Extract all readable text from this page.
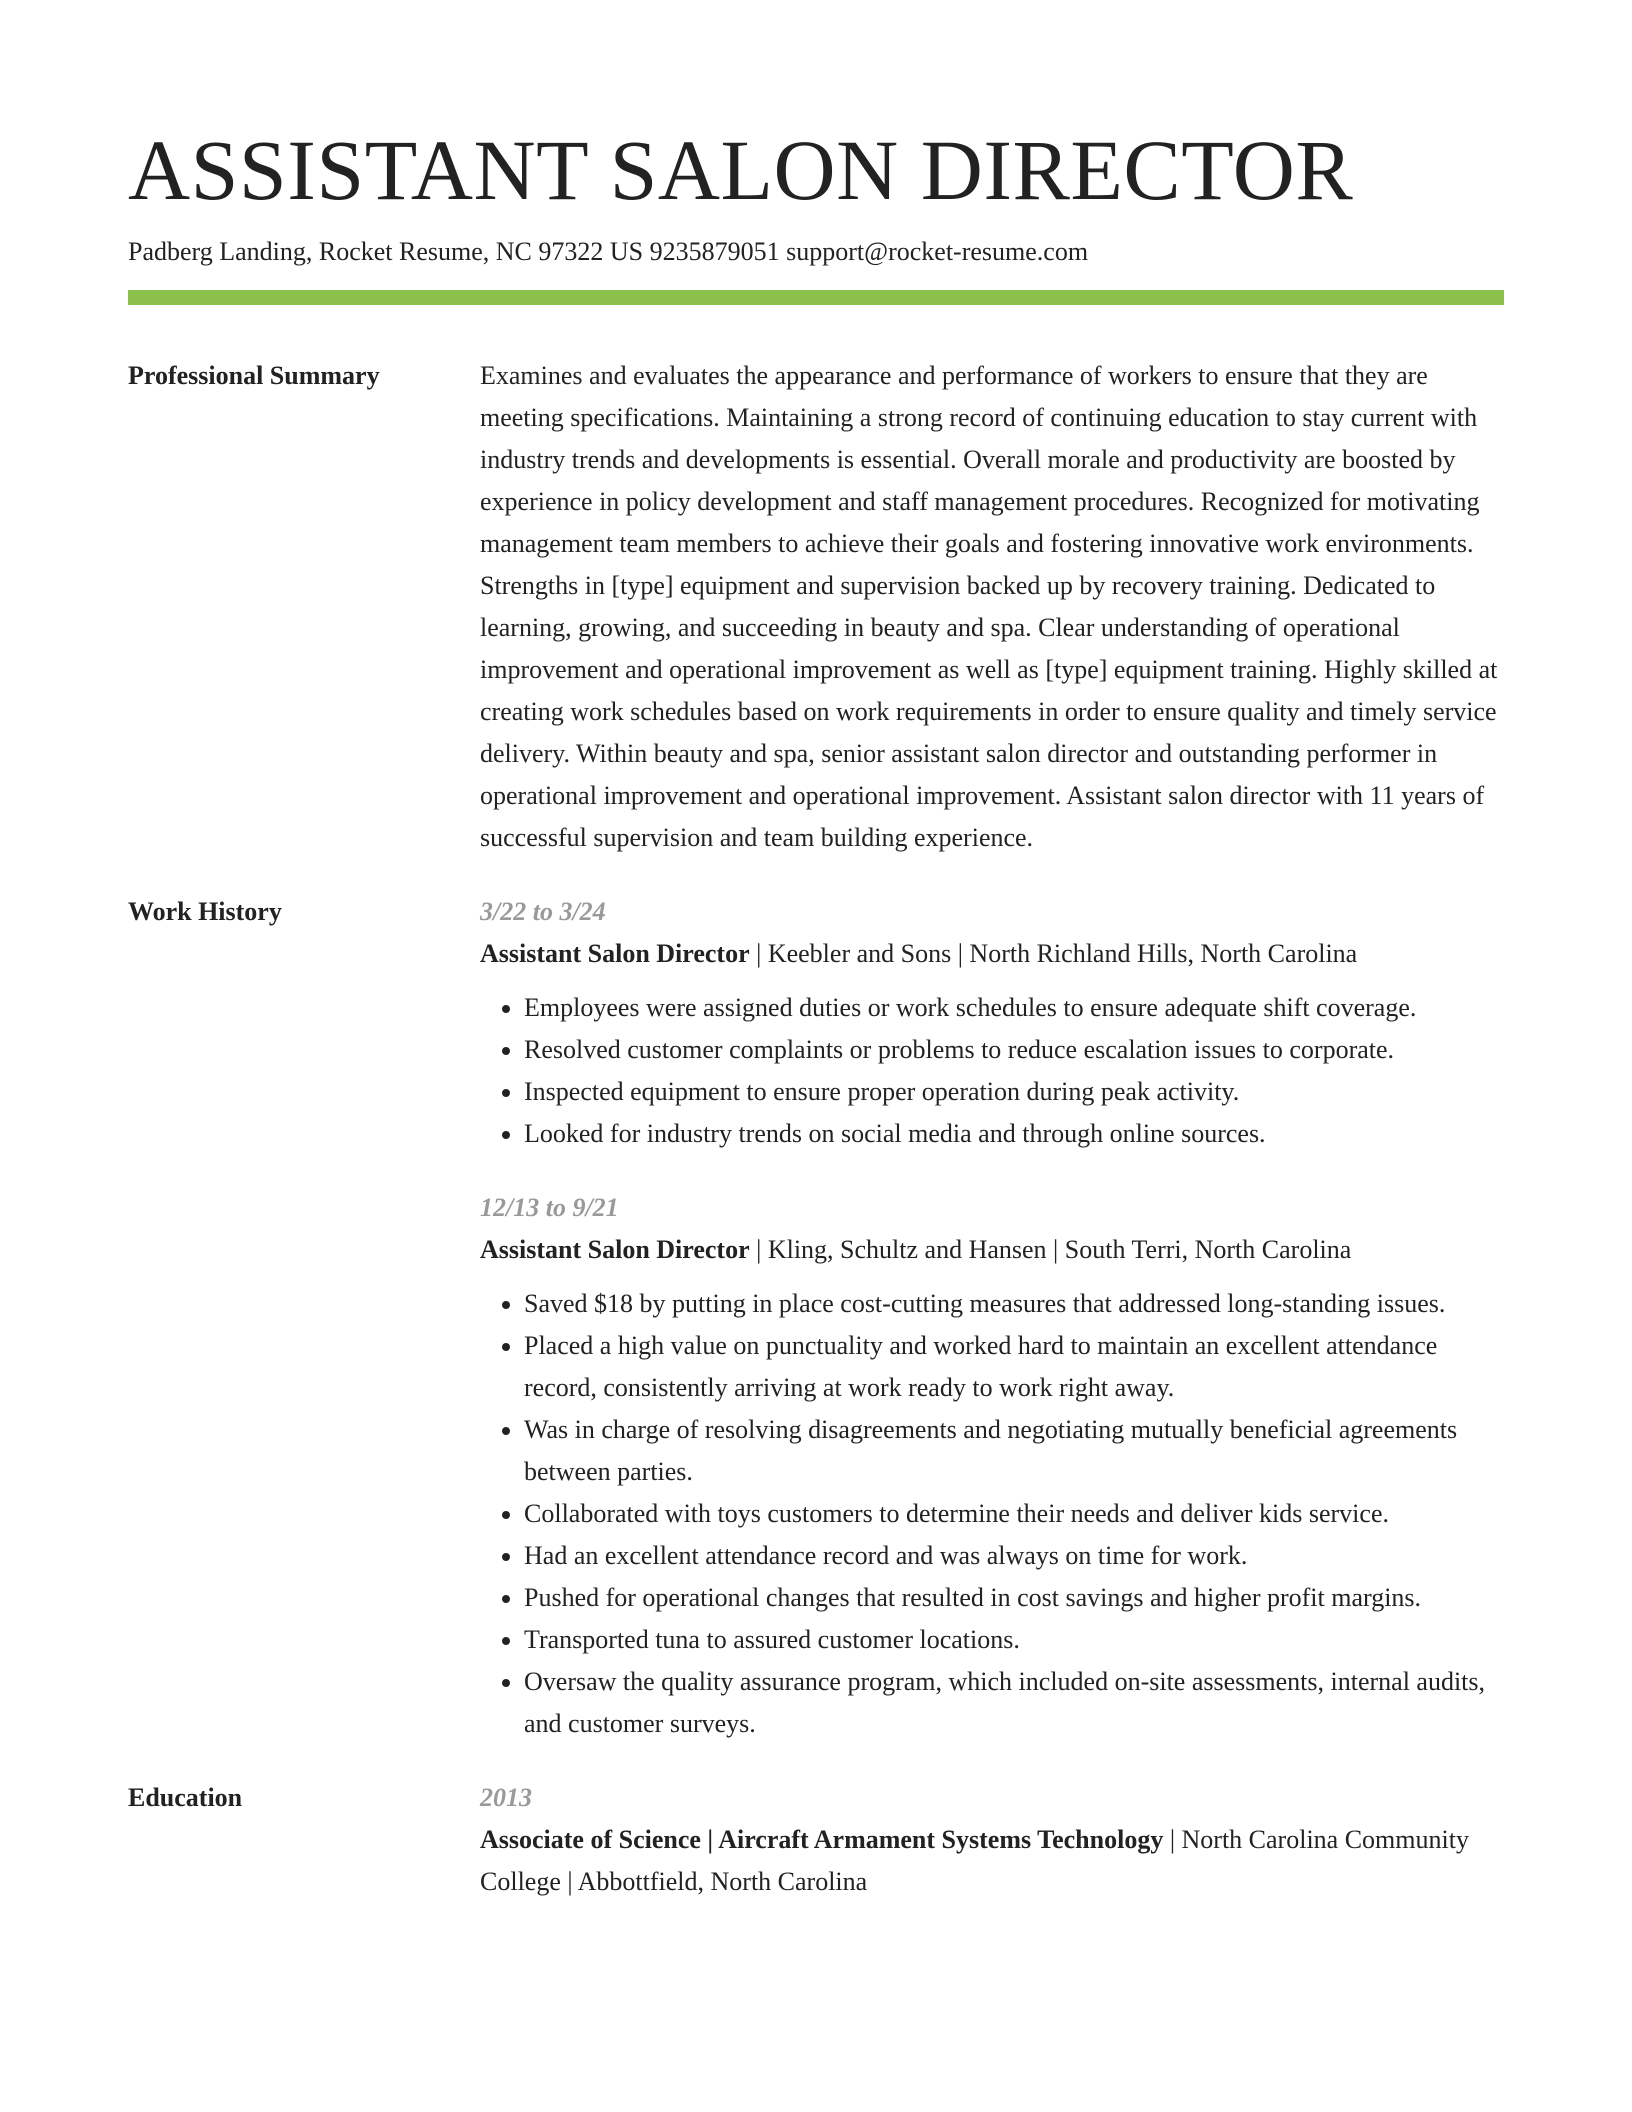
ASSISTANT SALON DIRECTOR
Padberg Landing, Rocket Resume, NC 97322 US 9235879051 support@rocket-resume.com
Professional Summary	Examines and evaluates the appearance and performance of workers to ensure that they are meeting specifications. Maintaining a strong record of continuing education to stay current with industry trends and developments is essential. Overall morale and productivity are boosted by experience in policy development and staff management procedures. Recognized for motivating management team members to achieve their goals and fostering innovative work environments. Strengths in [type] equipment and supervision backed up by recovery training. Dedicated to learning, growing, and succeeding in beauty and spa. Clear understanding of operational improvement and operational improvement as well as [type] equipment training. Highly skilled at creating work schedules based on work requirements in order to ensure quality and timely service delivery. Within beauty and spa, senior assistant salon director and outstanding performer in operational improvement and operational improvement. Assistant salon director with 11 years of successful supervision and team building experience.

Work History	3/22 to 3/24
Assistant Salon Director | Keebler and Sons | North Richland Hills, North Carolina
• Employees were assigned duties or work schedules to ensure adequate shift coverage.
• Resolved customer complaints or problems to reduce escalation issues to corporate.
• Inspected equipment to ensure proper operation during peak activity.
• Looked for industry trends on social media and through online sources.
12/13 to 9/21
Assistant Salon Director | Kling, Schultz and Hansen | South Terri, North Carolina
• Saved $18 by putting in place cost-cutting measures that addressed long-standing issues.
• Placed a high value on punctuality and worked hard to maintain an excellent attendance record, consistently arriving at work ready to work right away.
• Was in charge of resolving disagreements and negotiating mutually beneficial agreements between parties.
• Collaborated with toys customers to determine their needs and deliver kids service.
• Had an excellent attendance record and was always on time for work.
• Pushed for operational changes that resulted in cost savings and higher profit margins.
• Transported tuna to assured customer locations.
• Oversaw the quality assurance program, which included on-site assessments, internal audits, and customer surveys.
Education	2013
Associate of Science | Aircraft Armament Systems Technology | North Carolina Community College | Abbottfield, North Carolina
